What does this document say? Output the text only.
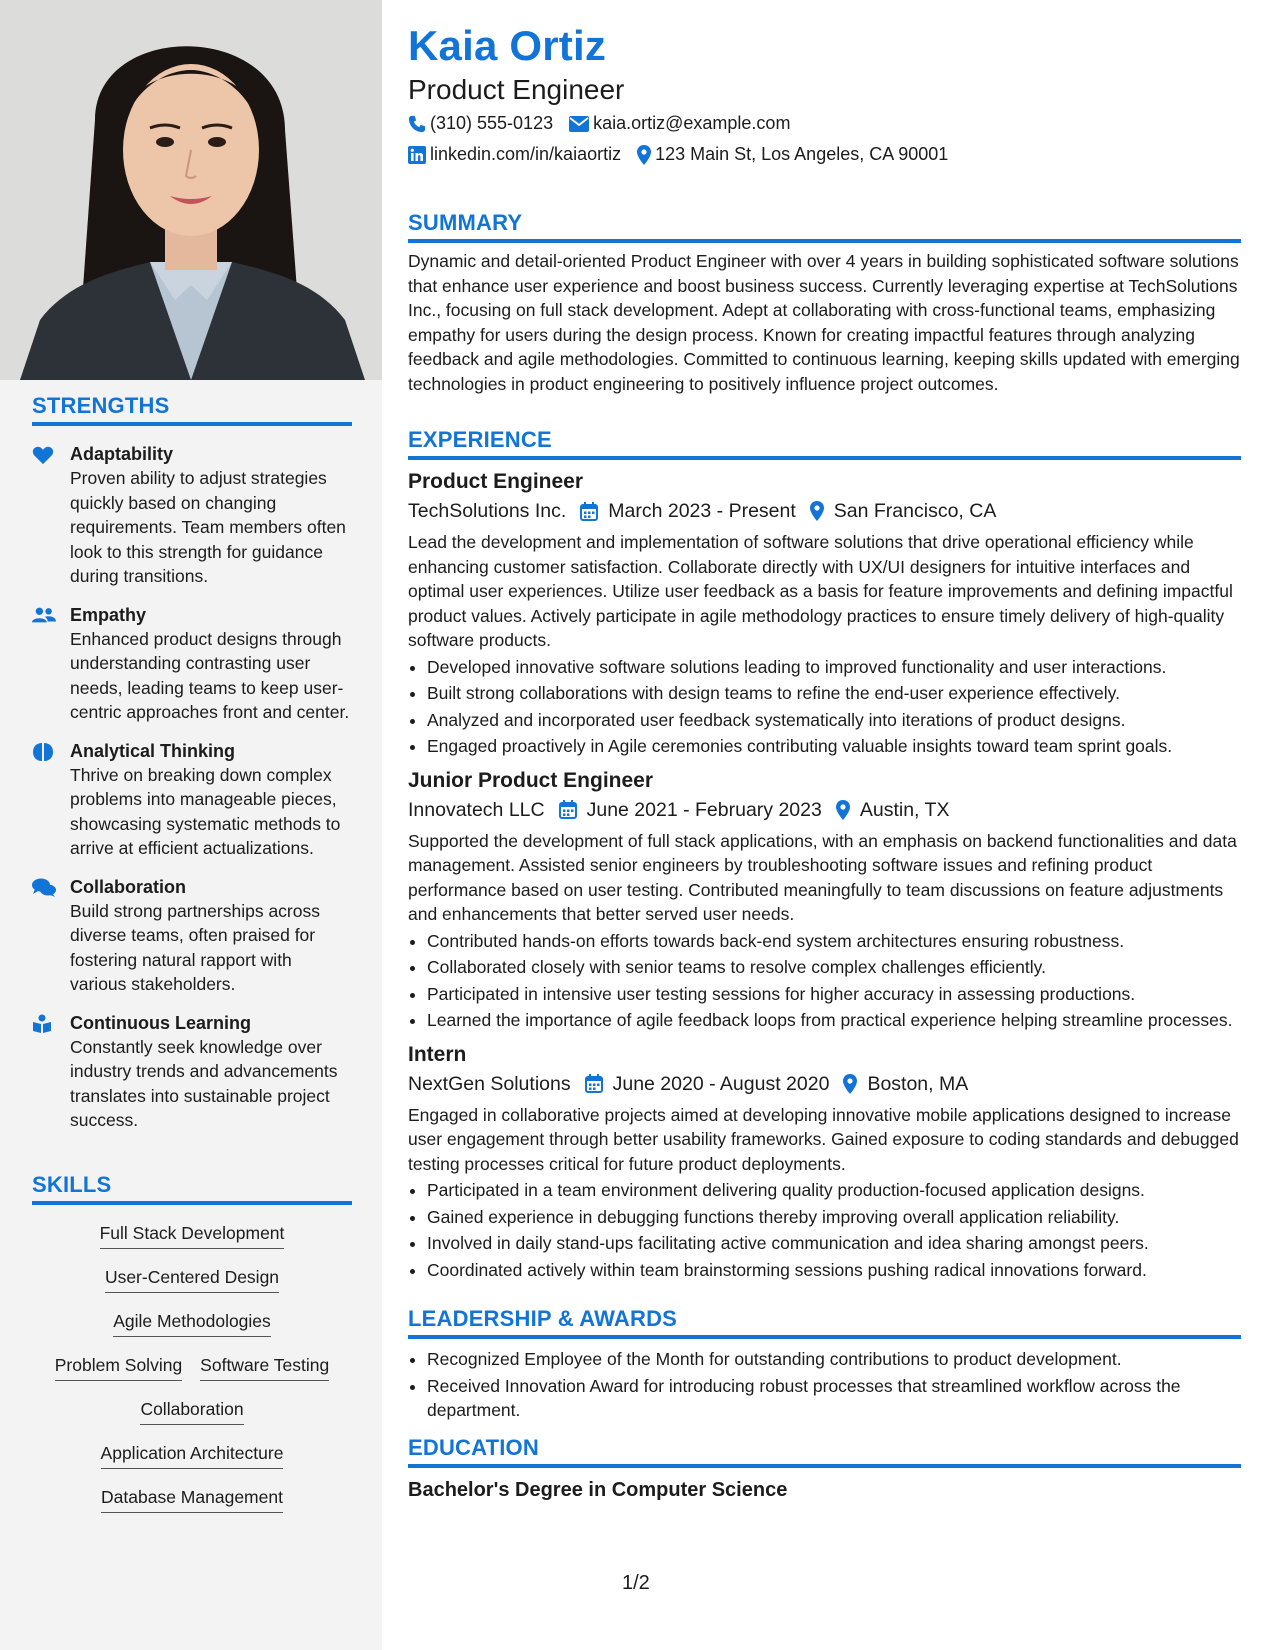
STRENGTHS
Adaptability
Proven ability to adjust strategies quickly based on changing requirements. Team members often look to this strength for guidance during transitions.
Empathy
Enhanced product designs through understanding contrasting user needs, leading teams to keep user-centric approaches front and center.
Analytical Thinking
Thrive on breaking down complex problems into manageable pieces, showcasing systematic methods to arrive at efficient actualizations.
Collaboration
Build strong partnerships across diverse teams, often praised for fostering natural rapport with various stakeholders.
Continuous Learning
Constantly seek knowledge over industry trends and advancements translates into sustainable project success.
SKILLS
Full Stack Development
User-Centered Design
Agile Methodologies
Problem Solving Software Testing
Collaboration
Application Architecture
Database Management
Kaia Ortiz
Product Engineer
(310) 555-0123 kaia.ortiz@example.com
linkedin.com/in/kaiaortiz 123 Main St, Los Angeles, CA 90001
SUMMARY

Dynamic and detail-oriented Product Engineer with over 4 years in building sophisticated software solutions that enhance user experience and boost business success. Currently leveraging expertise at TechSolutions Inc., focusing on full stack development. Adept at collaborating with cross-functional teams, emphasizing empathy for users during the design process. Known for creating impactful features through analyzing feedback and agile methodologies. Committed to continuous learning, keeping skills updated with emerging technologies in product engineering to positively influence project outcomes.

EXPERIENCE
Product Engineer
TechSolutions Inc. March 2023 - Present San Francisco, CA

Lead the development and implementation of software solutions that drive operational efficiency while enhancing customer satisfaction. Collaborate directly with UX/UI designers for intuitive interfaces and optimal user experiences. Utilize user feedback as a basis for feature improvements and defining impactful product values. Actively participate in agile methodology practices to ensure timely delivery of high-quality software products.

• Developed innovative software solutions leading to improved functionality and user interactions.
• Built strong collaborations with design teams to refine the end-user experience effectively.
• Analyzed and incorporated user feedback systematically into iterations of product designs.
• Engaged proactively in Agile ceremonies contributing valuable insights toward team sprint goals.
Junior Product Engineer
Innovatech LLC June 2021 - February 2023 Austin, TX

Supported the development of full stack applications, with an emphasis on backend functionalities and data management. Assisted senior engineers by troubleshooting software issues and refining product performance based on user testing. Contributed meaningfully to team discussions on feature adjustments and enhancements that better served user needs.

• Contributed hands-on efforts towards back-end system architectures ensuring robustness.
• Collaborated closely with senior teams to resolve complex challenges efficiently.
• Participated in intensive user testing sessions for higher accuracy in assessing productions.
• Learned the importance of agile feedback loops from practical experience helping streamline processes.
Intern
NextGen Solutions June 2020 - August 2020 Boston, MA

Engaged in collaborative projects aimed at developing innovative mobile applications designed to increase user engagement through better usability frameworks. Gained exposure to coding standards and debugged testing processes critical for future product deployments.

• Participated in a team environment delivering quality production-focused application designs.
• Gained experience in debugging functions thereby improving overall application reliability.
• Involved in daily stand-ups facilitating active communication and idea sharing amongst peers.
• Coordinated actively within team brainstorming sessions pushing radical innovations forward.
LEADERSHIP & AWARDS
• Recognized Employee of the Month for outstanding contributions to product development.
• Received Innovation Award for introducing robust processes that streamlined workflow across the department.
EDUCATION
Bachelor's Degree in Computer Science
1/2
